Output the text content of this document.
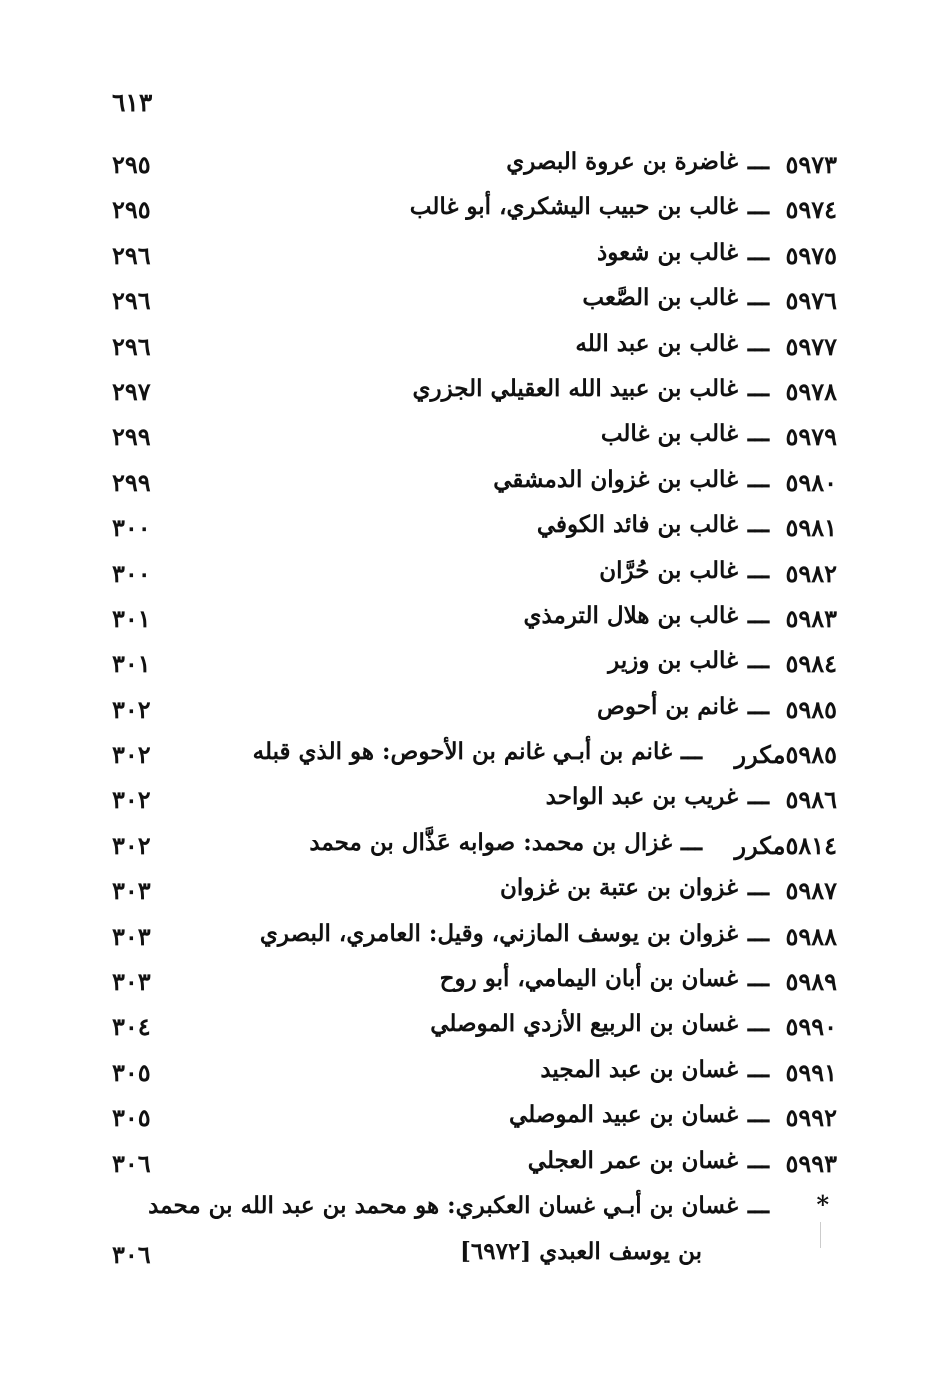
٦١٣
٥٩٧٣
ـــ
غاضرة بن عروة البصري
٢٩٥
٥٩٧٤
ـــ
غالب بن حبيب اليشكري، أبو غالب
٢٩٥
٥٩٧٥
ـــ
غالب بن شعوذ
٢٩٦
٥٩٧٦
ـــ
غالب بن الصَّعب
٢٩٦
٥٩٧٧
ـــ
غالب بن عبد الله
٢٩٦
٥٩٧٨
ـــ
غالب بن عبيد الله العقيلي الجزري
٢٩٧
٥٩٧٩
ـــ
غالب بن غالب
٢٩٩
٥٩٨٠
ـــ
غالب بن غزوان الدمشقي
٢٩٩
٥٩٨١
ـــ
غالب بن فائد الكوفي
٣٠٠
٥٩٨٢
ـــ
غالب بن حُرَّان
٣٠٠
٥٩٨٣
ـــ
غالب بن هلال الترمذي
٣٠١
٥٩٨٤
ـــ
غالب بن وزير
٣٠١
٥٩٨٥
ـــ
غانم بن أحوص
٣٠٢
٥٩٨٥مكرر
ـــ
غانم بن أبـي غانم بن الأحوص: هو الذي قبله
٣٠٢
٥٩٨٦
ـــ
غريب بن عبد الواحد
٣٠٢
٥٨١٤مكرر
ـــ
غزال بن محمد: صوابه عَذَّال بن محمد
٣٠٢
٥٩٨٧
ـــ
غزوان بن عتبة بن غزوان
٣٠٣
٥٩٨٨
ـــ
غزوان بن يوسف المازني، وقيل: العامري، البصري
٣٠٣
٥٩٨٩
ـــ
غسان بن أبان اليمامي، أبو روح
٣٠٣
٥٩٩٠
ـــ
غسان بن الربيع الأزدي الموصلي
٣٠٤
٥٩٩١
ـــ
غسان بن عبد المجيد
٣٠٥
٥٩٩٢
ـــ
غسان بن عبيد الموصلي
٣٠٥
٥٩٩٣
ـــ
غسان بن عمر العجلي
٣٠٦
*
ـــ
غسان بن أبـي غسان العكبري: هو محمد بن عبد الله بن محمد
بن يوسف العبدي [٦٩٧٢]
٣٠٦
